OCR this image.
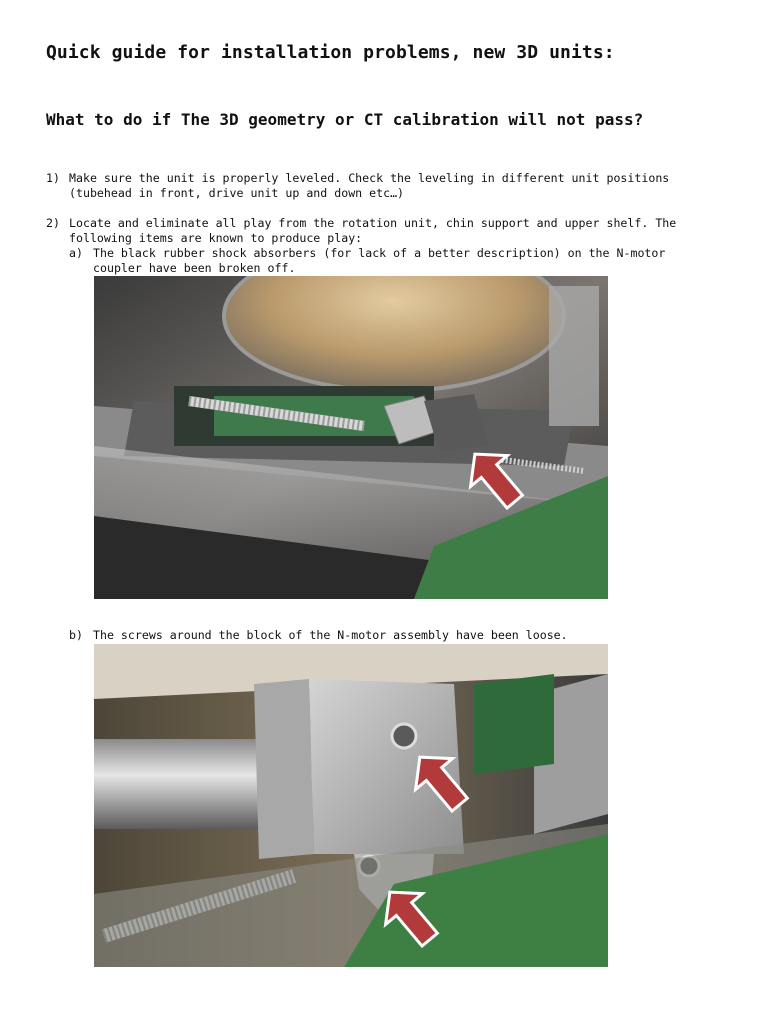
Quick guide for installation problems, new 3D units:
What to do if The 3D geometry or CT calibration will not pass?
1) Make sure the unit is properly leveled. Check the leveling in different unit positions
(tubehead in front, drive unit up and down etc…)
2) Locate and eliminate all play from the rotation unit, chin support and upper shelf. The
following items are known to produce play:
a) The black rubber shock absorbers (for lack of a better description) on the N-motor
coupler have been broken off.
b) The screws around the block of the N-motor assembly have been loose.
